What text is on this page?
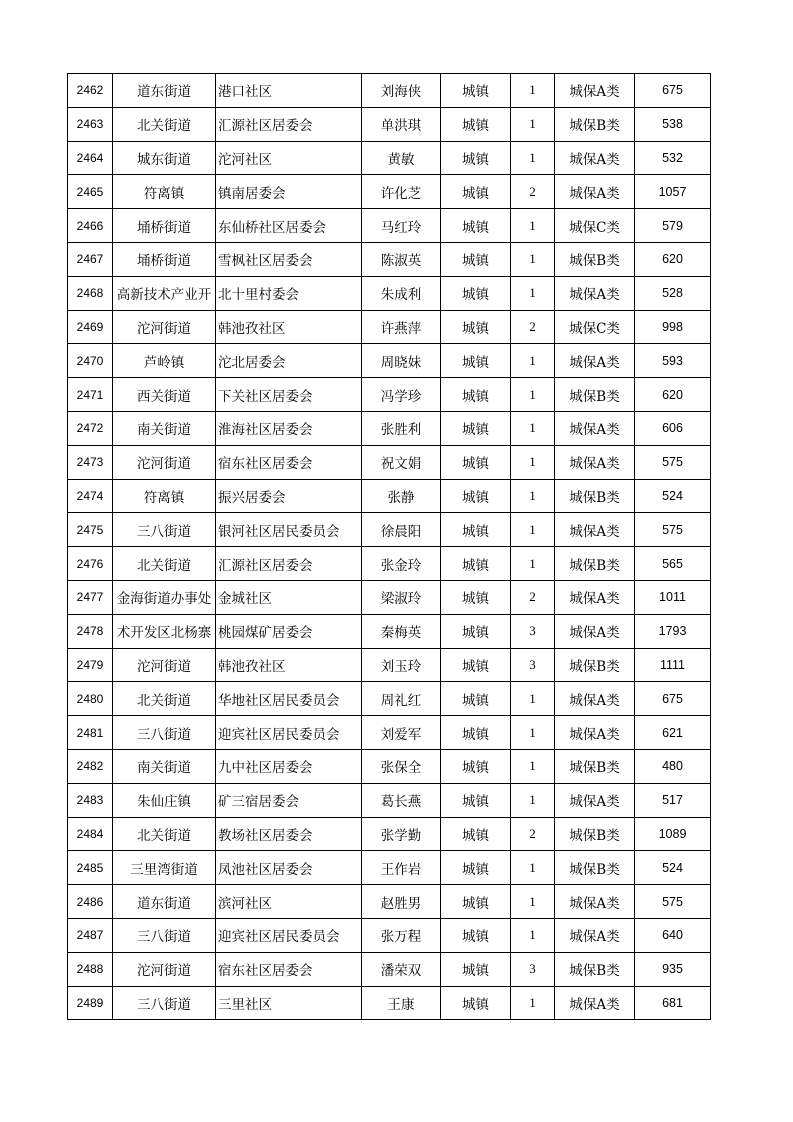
2462	道东街道	港口社区	刘海侠	城镇	1	城保A类	675
2463	北关街道	汇源社区居委会	单洪琪	城镇	1	城保B类	538
2464	城东街道	沱河社区	黄敏	城镇	1	城保A类	532
2465	符离镇	镇南居委会	许化芝	城镇	2	城保A类	1057
2466	埇桥街道	东仙桥社区居委会	马红玲	城镇	1	城保C类	579
2467	埇桥街道	雪枫社区居委会	陈淑英	城镇	1	城保B类	620
2468	高新技术产业开	北十里村委会	朱成利	城镇	1	城保A类	528
2469	沱河街道	韩池孜社区	许燕萍	城镇	2	城保C类	998
2470	芦岭镇	沱北居委会	周晓妹	城镇	1	城保A类	593
2471	西关街道	下关社区居委会	冯学珍	城镇	1	城保B类	620
2472	南关街道	淮海社区居委会	张胜利	城镇	1	城保A类	606
2473	沱河街道	宿东社区居委会	祝文娟	城镇	1	城保A类	575
2474	符离镇	振兴居委会	张静	城镇	1	城保B类	524
2475	三八街道	银河社区居民委员会	徐晨阳	城镇	1	城保A类	575
2476	北关街道	汇源社区居委会	张金玲	城镇	1	城保B类	565
2477	金海街道办事处	金城社区	梁淑玲	城镇	2	城保A类	1011
2478	术开发区北杨寨	桃园煤矿居委会	秦梅英	城镇	3	城保A类	1793
2479	沱河街道	韩池孜社区	刘玉玲	城镇	3	城保B类	1111
2480	北关街道	华地社区居民委员会	周礼红	城镇	1	城保A类	675
2481	三八街道	迎宾社区居民委员会	刘爱军	城镇	1	城保A类	621
2482	南关街道	九中社区居委会	张保全	城镇	1	城保B类	480
2483	朱仙庄镇	矿三宿居委会	葛长燕	城镇	1	城保A类	517
2484	北关街道	教场社区居委会	张学勤	城镇	2	城保B类	1089
2485	三里湾街道	凤池社区居委会	王作岩	城镇	1	城保B类	524
2486	道东街道	滨河社区	赵胜男	城镇	1	城保A类	575
2487	三八街道	迎宾社区居民委员会	张万程	城镇	1	城保A类	640
2488	沱河街道	宿东社区居委会	潘荣双	城镇	3	城保B类	935
2489	三八街道	三里社区	王康	城镇	1	城保A类	681
